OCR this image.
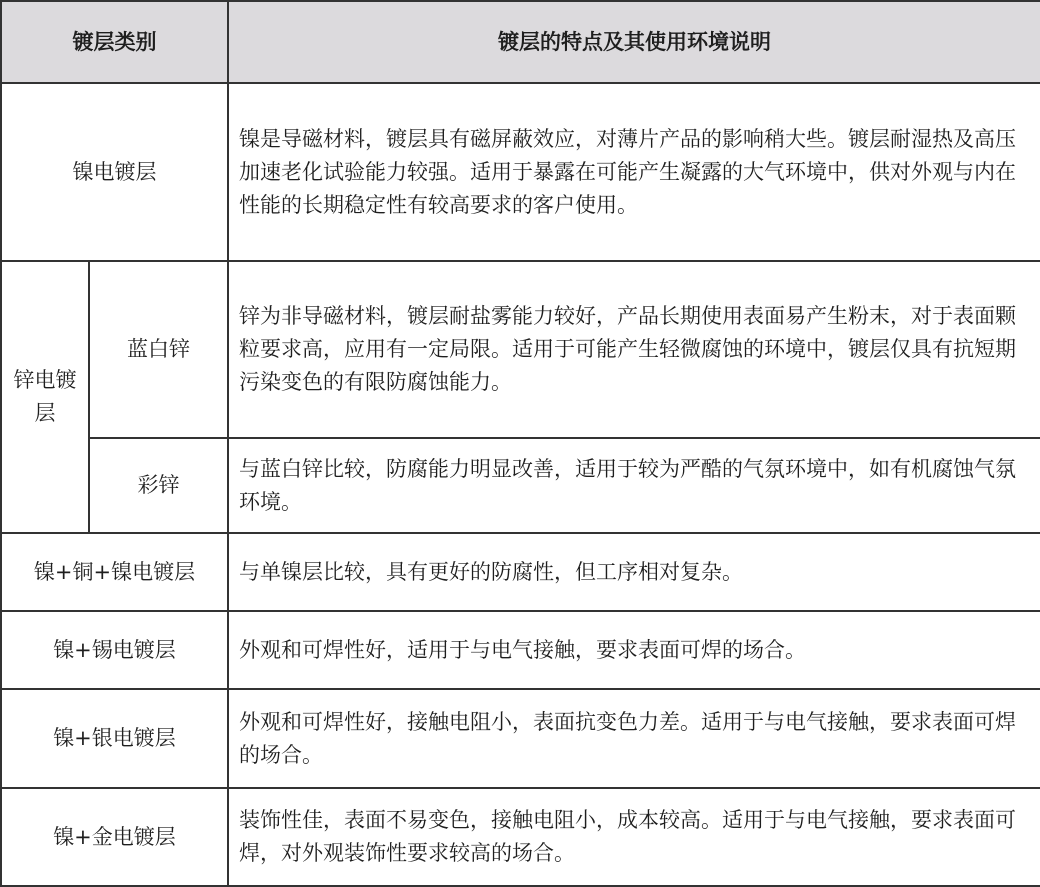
镀层类别		镀层的特点及其使用环境说明
镍电镀层		镍是导磁材料，镀层具有磁屏蔽效应，对薄片产品的影响稍大些。镀层耐湿热及高压加速老化试验能力较强。适用于暴露在可能产生凝露的大气环境中，供对外观与内在性能的长期稳定性有较高要求的客户使用。
锌电镀层	蓝白锌	锌为非导磁材料，镀层耐盐雾能力较好，产品长期使用表面易产生粉末，对于表面颗粒要求高，应用有一定局限。适用于可能产生轻微腐蚀的环境中，镀层仅具有抗短期污染变色的有限防腐蚀能力。
	彩锌	与蓝白锌比较，防腐能力明显改善，适用于较为严酷的气氛环境中，如有机腐蚀气氛环境。
镍+铜+镍电镀层		与单镍层比较，具有更好的防腐性，但工序相对复杂。
镍+锡电镀层		外观和可焊性好，适用于与电气接触，要求表面可焊的场合。
镍+银电镀层		外观和可焊性好，接触电阻小，表面抗变色力差。适用于与电气接触，要求表面可焊的场合。
镍+金电镀层		装饰性佳，表面不易变色，接触电阻小，成本较高。适用于与电气接触，要求表面可焊，对外观装饰性要求较高的场合。
